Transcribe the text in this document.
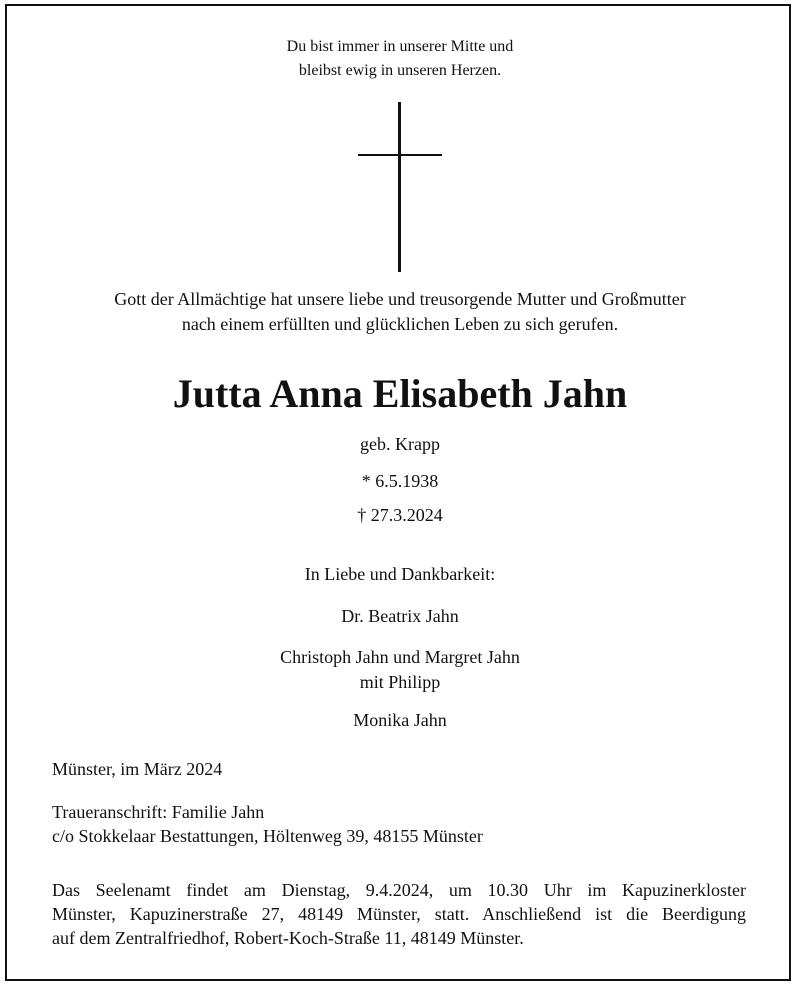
Du bist immer in unserer Mitte und
bleibst ewig in unseren Herzen.
Gott der Allmächtige hat unsere liebe und treusorgende Mutter und Großmutter
nach einem erfüllten und glücklichen Leben zu sich gerufen.
Jutta Anna Elisabeth Jahn
geb. Krapp
* 6.5.1938
† 27.3.2024
In Liebe und Dankbarkeit:
Dr. Beatrix Jahn
Christoph Jahn und Margret Jahn
mit Philipp
Monika Jahn
Münster, im März 2024
Traueranschrift: Familie Jahn
c/o Stokkelaar Bestattungen, Höltenweg 39, 48155 Münster
Das Seelenamt findet am Dienstag, 9.4.2024, um 10.30 Uhr im Kapuzinerkloster
Münster, Kapuzinerstraße 27, 48149 Münster, statt. Anschließend ist die Beerdigung
auf dem Zentralfriedhof, Robert-Koch-Straße 11, 48149 Münster.
